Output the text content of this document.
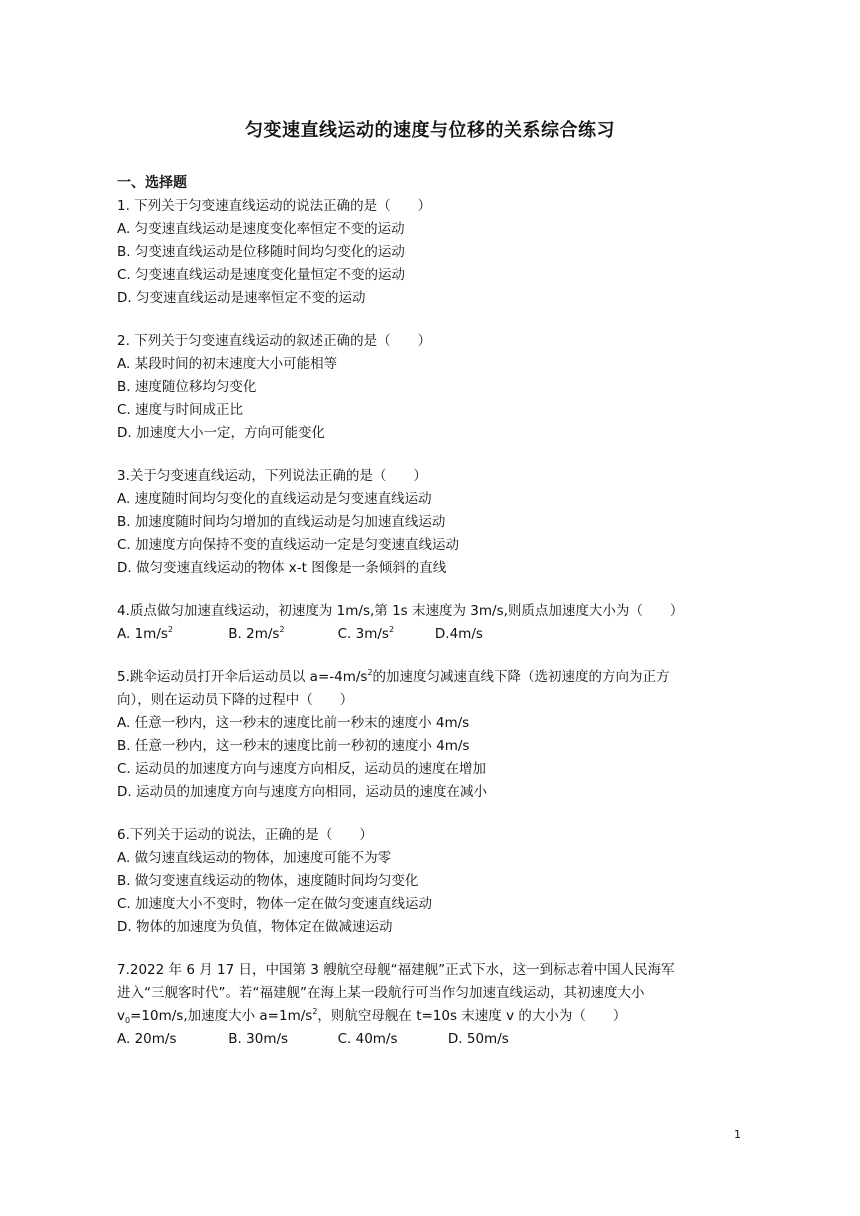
匀变速直线运动的速度与位移的关系综合练习
一、选择题
1. 下列关于匀变速直线运动的说法正确的是（　　）
A. 匀变速直线运动是速度变化率恒定不变的运动
B. 匀变速直线运动是位移随时间均匀变化的运动
C. 匀变速直线运动是速度变化量恒定不变的运动
D. 匀变速直线运动是速率恒定不变的运动
2. 下列关于匀变速直线运动的叙述正确的是（　　）
A. 某段时间的初末速度大小可能相等
B. 速度随位移均匀变化
C. 速度与时间成正比
D. 加速度大小一定，方向可能变化
3.关于匀变速直线运动，下列说法正确的是（　　）
A. 速度随时间均匀变化的直线运动是匀变速直线运动
B. 加速度随时间均匀增加的直线运动是匀加速直线运动
C. 加速度方向保持不变的直线运动一定是匀变速直线运动
D. 做匀变速直线运动的物体 x-t 图像是一条倾斜的直线
4.质点做匀加速直线运动，初速度为 1m/s,第 1s 末速度为 3m/s,则质点加速度大小为（　　）
A. $1m/s^2$	B. $2m/s^2$	C. $3m/s^2$	D.4m/s
5.跳伞运动员打开伞后运动员以 $a=-4m/s^2$的加速度匀减速直线下降（选初速度的方向为正方
向），则在运动员下降的过程中（　　）
A. 任意一秒内，这一秒末的速度比前一秒末的速度小 4m/s
B. 任意一秒内，这一秒末的速度比前一秒初的速度小 4m/s
C. 运动员的加速度方向与速度方向相反，运动员的速度在增加
D. 运动员的加速度方向与速度方向相同，运动员的速度在减小
6.下列关于运动的说法，正确的是（　　）
A. 做匀速直线运动的物体，加速度可能不为零
B. 做匀变速直线运动的物体，速度随时间均匀变化
C. 加速度大小不变时，物体一定在做匀变速直线运动
D. 物体的加速度为负值，物体定在做减速运动
7.2022 年 6 月 17 日，中国第 3 艘航空母舰“福建舰”正式下水，这一到标志着中国人民海军
进入“三舰客时代”。若“福建舰”在海上某一段航行可当作匀加速直线运动，其初速度大小
$v_0=10m/s$,加速度大小 $a=1m/s^2$，则航空母舰在 t=10s 末速度 v 的大小为（　　）
A. 20m/s	B. 30m/s	C. 40m/s	D. 50m/s
1
